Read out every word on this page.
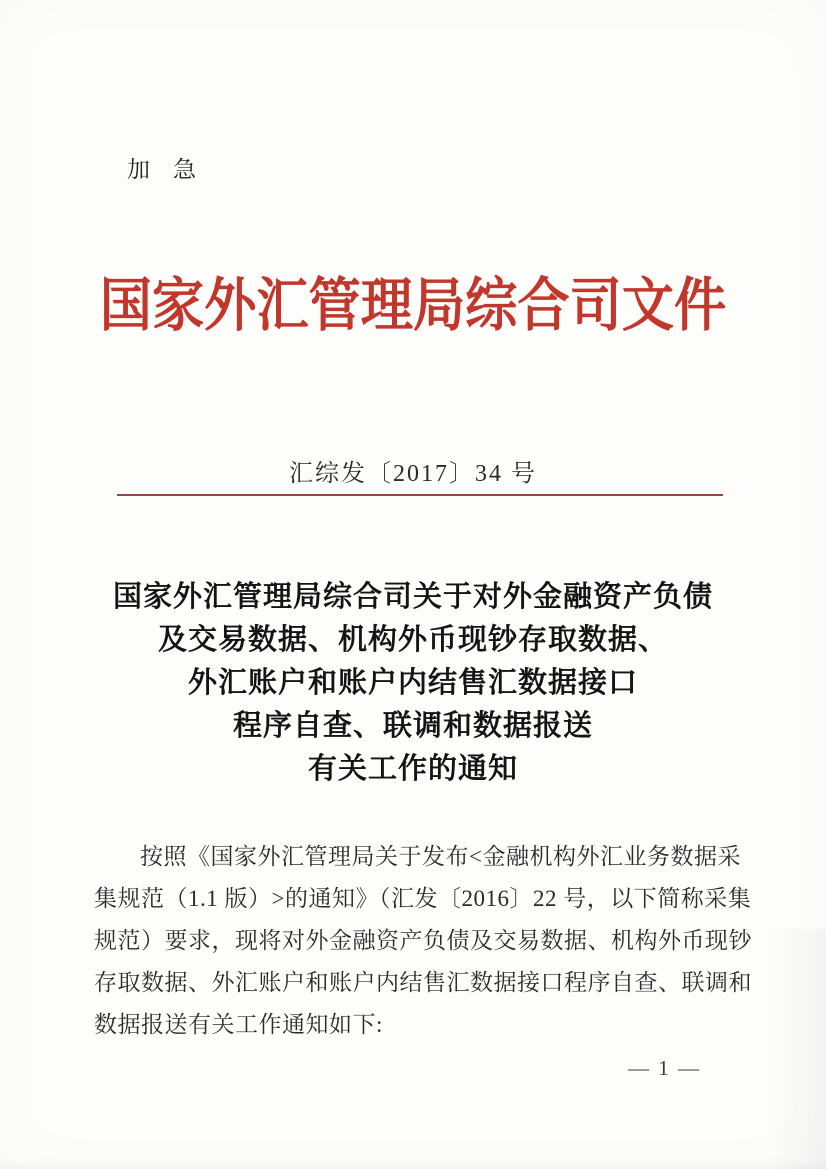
加　急
国家外汇管理局综合司文件
汇综发〔2017〕34 号
国家外汇管理局综合司关于对外金融资产负债
及交易数据、机构外币现钞存取数据、
外汇账户和账户内结售汇数据接口
程序自查、联调和数据报送
有关工作的通知
按照《国家外汇管理局关于发布<金融机构外汇业务数据采
集规范（1.1 版）>的通知》（汇发〔2016〕22 号，以下简称采集
规范）要求，现将对外金融资产负债及交易数据、机构外币现钞
存取数据、外汇账户和账户内结售汇数据接口程序自查、联调和
数据报送有关工作通知如下:
— 1 —
